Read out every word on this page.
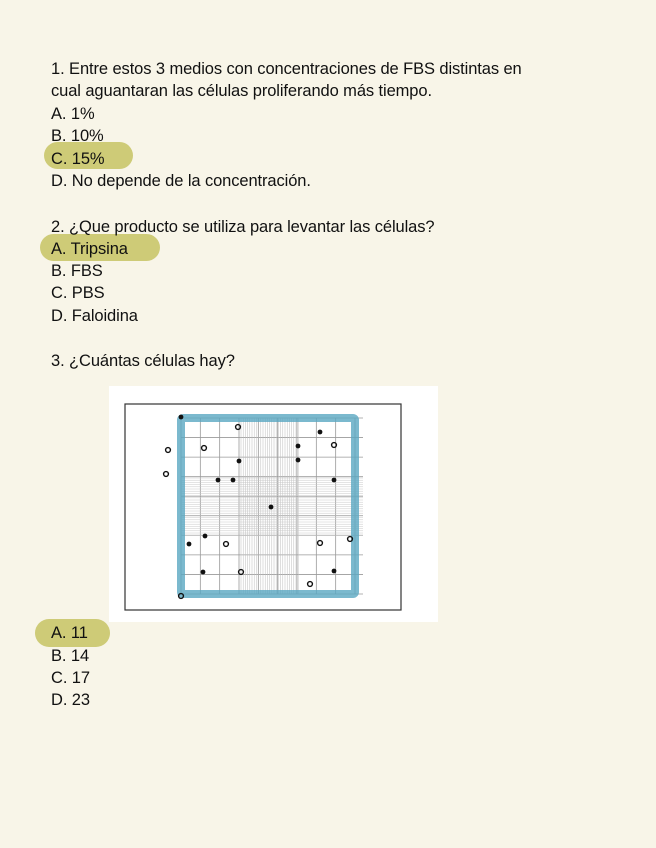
1. Entre estos 3 medios con concentraciones de FBS distintas en
cual aguantaran las células proliferando más tiempo.
A. 1%
B. 10%
C. 15%
D. No depende de la concentración.
2. ¿Que producto se utiliza para levantar las células?
A. Tripsina
B. FBS
C. PBS
D. Faloidina
3. ¿Cuántas células hay?
A. 11
B. 14
C. 17
D. 23
